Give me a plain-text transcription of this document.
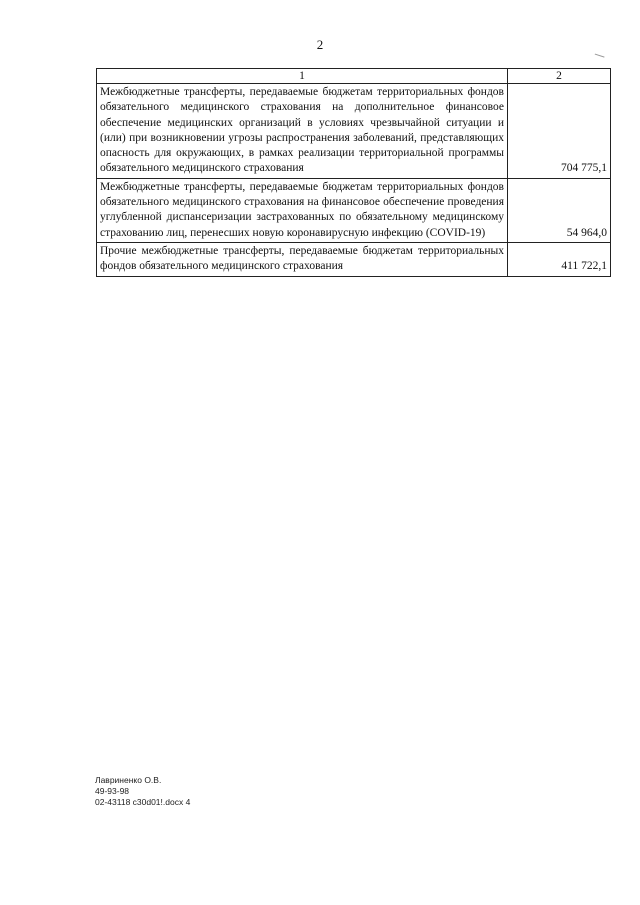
2
1	2
Межбюджетные трансферты, передаваемые бюджетам территориальных фондов обязательного медицинского страхования на дополнительное финансовое обеспечение медицинских организаций в условиях чрезвычайной ситуации и (или) при возникновении угрозы распространения заболеваний, представляющих опасность для окружающих, в рамках реализации территориальной программы обязательного медицинского страхования	704 775,1
Межбюджетные трансферты, передаваемые бюджетам территориальных фондов обязательного медицинского страхования на финансовое обеспечение проведения углубленной диспансеризации застрахованных по обязательному медицинскому страхованию лиц, перенесших новую коронавирусную инфекцию (COVID-19)	54 964,0
Прочие межбюджетные трансферты, передаваемые бюджетам территориальных фондов обязательного медицинского страхования	411 722,1
Лавриненко О.В.
49-93-98
02-43118 c30d01!.docx 4
